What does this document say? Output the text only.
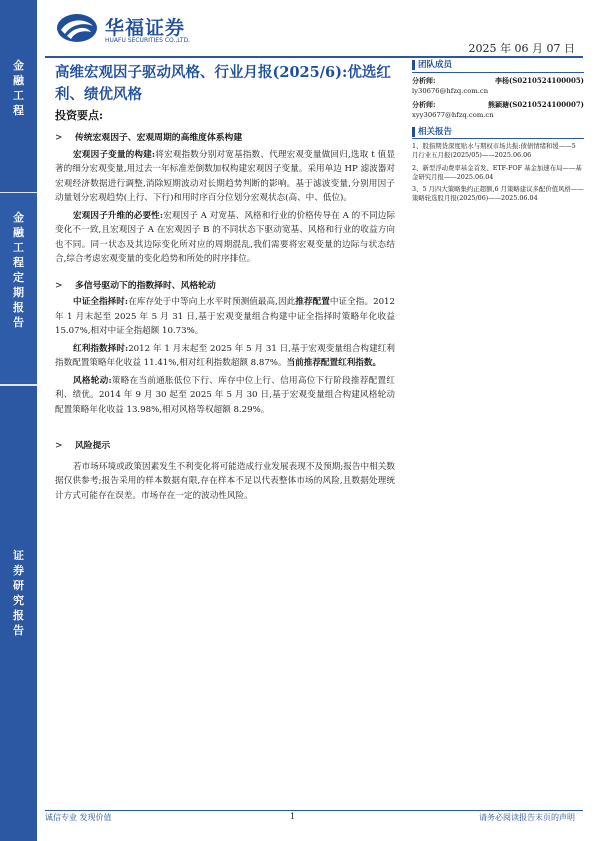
金融工程
金融工程定期报告
证券研究报告
华福证券
HUAFU SECURITIES CO.,LTD.
2025 年 06 月 07 日
高维宏观因子驱动风格、行业月报(2025/6):优选红利、绩优风格
投资要点:
> 传统宏观因子、宏观周期的高维度体系构建

宏观因子变量的构建:将宏观指数分别对宽基指数、代理宏观变量做回归,选取 t 值显著的细分宏观变量,用过去一年标准差倒数加权构建宏观因子变量。采用单边 HP 滤波器对宏观经济数据进行调整,消除短期波动对长期趋势判断的影响。基于滤波变量,分别用因子动量划分宏观趋势(上行、下行)和用时序百分位划分宏观状态(高、中、低位)。

宏观因子升维的必要性:宏观因子 A 对宽基、风格和行业的价格传导在 A 的不同边际变化不一致,且宏观因子 A 在宏观因子 B 的不同状态下驱动宽基、风格和行业的收益方向也不同。同一状态及其边际变化所对应的周期混乱,我们需要将宏观变量的边际与状态结合,综合考虑宏观变量的变化趋势和所处的时序排位。

> 多信号驱动下的指数择时、风格轮动

中证全指择时:在库存处于中等向上水平时预测值最高,因此推荐配置中证全指。2012 年 1 月末起至 2025 年 5 月 31 日,基于宏观变量组合构建中证全指择时策略年化收益 15.07%,相对中证全指超额 10.73%。

红利指数择时:2012 年 1 月末起至 2025 年 5 月 31 日,基于宏观变量组合构建红利指数配置策略年化收益 11.41%,相对红利指数超额 8.87%。当前推荐配置红利指数。

风格轮动:策略在当前通胀低位下行、库存中位上行、信用高位下行阶段推荐配置红利、绩优。2014 年 9 月 30 起至 2025 年 5 月 30 日,基于宏观变量组合构建风格轮动配置策略年化收益 13.98%,相对风格等权超额 8.29%。

> 风险提示

若市场环境或政策因素发生不利变化将可能造成行业发展表现不及预期;报告中相关数据仅供参考;报告采用的样本数据有限,存在样本不足以代表整体市场的风险,且数据处理统计方式可能存在误差。市场存在一定的波动性风险。

团队成员
分析师:	李杨(S0210524100005)
ly30676@hfzq.com.cn
分析师:	熊颖瑭(S0210524100007)
xyy30677@hfzq.com.cn
相关报告
1、股指期货深度贴水与期权市场共振:债债情绪和缓——5 月行业五月报(2025/05)——2025.06.06
2、新型浮动费率基金首发、ETF-FOF 基金加速布局——基金研究月报——2025.06.04
3、5 月四大策略集约正超额,6 月策略建议多配价值风格——策略轮选股月报(2025/06)——2025.06.04
诚信专业 发现价值	1	请务必阅读报告末页的声明
